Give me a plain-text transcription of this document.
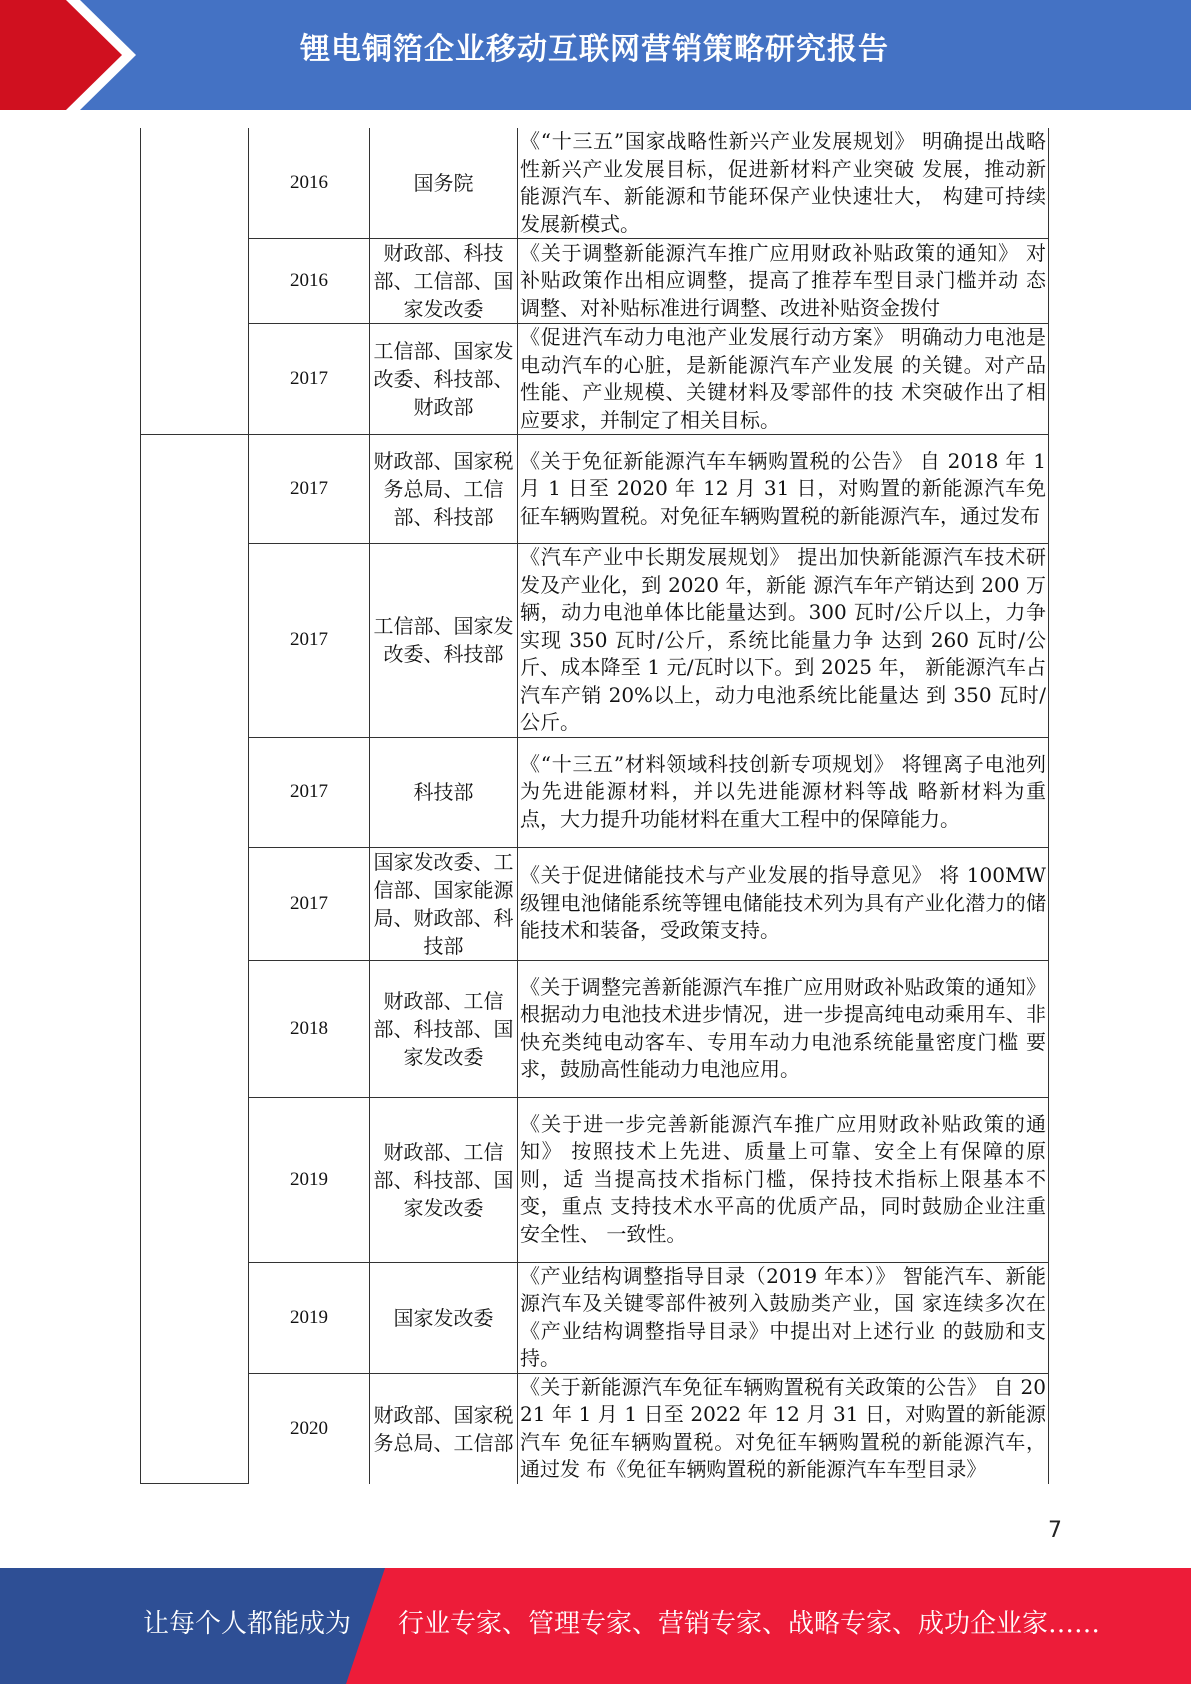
锂电铜箔企业移动互联网营销策略研究报告
	2016	国务院	《“十三五”国家战略性新兴产业发展规划》 明确提出战略性新兴产业发展目标，促进新材料产业突破 发展，推动新能源汽车、新能源和节能环保产业快速壮大， 构建可持续发展新模式。
	2016	财政部、科技部、工信部、国 家发改委	《关于调整新能源汽车推广应用财政补贴政策的通知》 对补贴政策作出相应调整，提高了推荐车型目录门槛并动 态调整、对补贴标准进行调整、改进补贴资金拨付
	2017	工信部、国家发 改委、科技部、 财政部	《促进汽车动力电池产业发展行动方案》 明确动力电池是电动汽车的心脏，是新能源汽车产业发展 的关键。对产品性能、产业规模、关键材料及零部件的技 术突破作出了相应要求，并制定了相关目标。
	2017	财政部、国家税 务总局、工信 部、科技部	《关于免征新能源汽车车辆购置税的公告》 自 2018 年 1 月 1 日至 2020 年 12 月 31 日，对购置的新能源汽车免 征车辆购置税。对免征车辆购置税的新能源汽车，通过发布
	2017	工信部、国家发 改委、科技部	《汽车产业中长期发展规划》 提出加快新能源汽车技术研发及产业化，到 2020 年，新能 源汽车年产销达到 200 万辆，动力电池单体比能量达到。300 瓦时/公斤以上，力争实现 350 瓦时/公斤，系统比能量力争 达到 260 瓦时/公斤、成本降至 1 元/瓦时以下。到 2025 年， 新能源汽车占汽车产销 20%以上，动力电池系统比能量达 到 350 瓦时/公斤。
	2017	科技部	《“十三五”材料领域科技创新专项规划》 将锂离子电池列为先进能源材料，并以先进能源材料等战 略新材料为重点，大力提升功能材料在重大工程中的保障能力。
	2017	国家发改委、工 信部、国家能源 局、财政部、科 技部	《关于促进储能技术与产业发展的指导意见》 将 100MW 级锂电池储能系统等锂电储能技术列为具有产业化潜力的储能技术和装备，受政策支持。
	2018	财政部、工信部、科技部、国 家发改委	《关于调整完善新能源汽车推广应用财政补贴政策的通知》 根据动力电池技术进步情况，进一步提高纯电动乘用车、非快充类纯电动客车、专用车动力电池系统能量密度门槛 要求，鼓励高性能动力电池应用。
	2019	财政部、工信部、科技部、国 家发改委	《关于进一步完善新能源汽车推广应用财政补贴政策的通知》 按照技术上先进、质量上可靠、安全上有保障的原则，适 当提高技术指标门槛，保持技术指标上限基本不变，重点 支持技术水平高的优质产品，同时鼓励企业注重安全性、 一致性。
	2019	国家发改委	《产业结构调整指导目录（2019 年本）》 智能汽车、新能源汽车及关键零部件被列入鼓励类产业，国 家连续多次在《产业结构调整指导目录》中提出对上述行业 的鼓励和支持。
	2020	财政部、国家税务总局、工信部	《关于新能源汽车免征车辆购置税有关政策的公告》 自 2021 年 1 月 1 日至 2022 年 12 月 31 日，对购置的新能源汽车 免征车辆购置税。对免征车辆购置税的新能源汽车，通过发 布《免征车辆购置税的新能源汽车车型目录》
7
让每个人都能成为 行业专家、管理专家、营销专家、战略专家、成功企业家……
